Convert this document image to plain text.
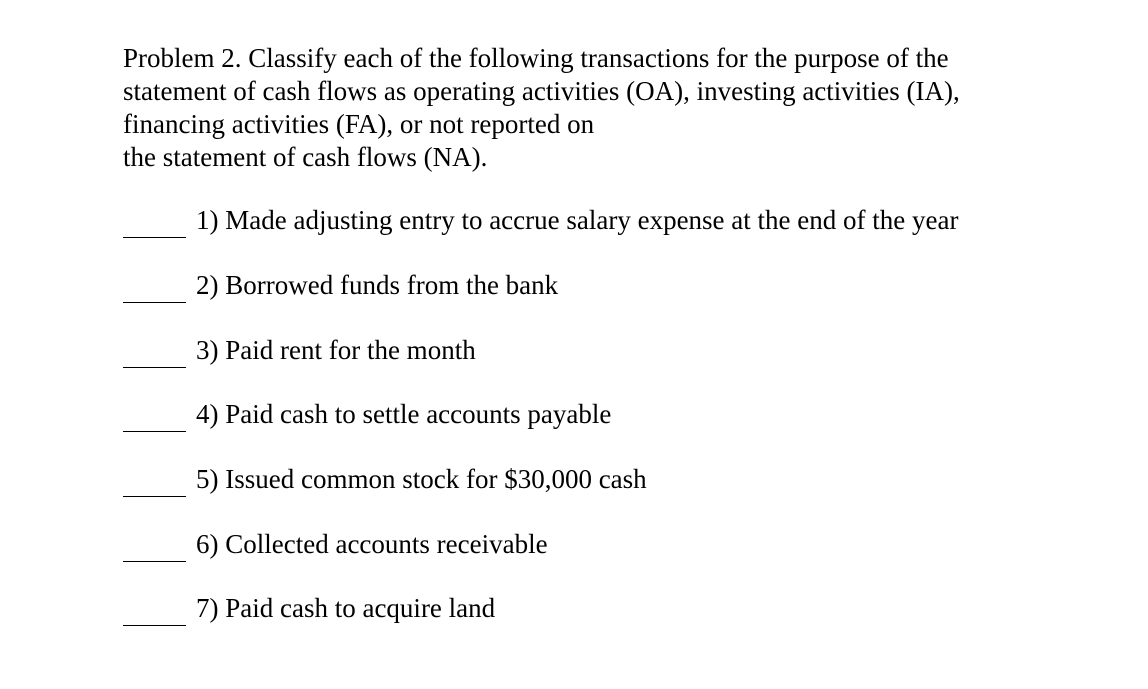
Problem 2. Classify each of the following transactions for the purpose of the
statement of cash flows as operating activities (OA), investing activities (IA),
financing activities (FA), or not reported on
the statement of cash flows (NA).
1) Made adjusting entry to accrue salary expense at the end of the year
2) Borrowed funds from the bank
3) Paid rent for the month
4) Paid cash to settle accounts payable
5) Issued common stock for $30,000 cash
6) Collected accounts receivable
7) Paid cash to acquire land
